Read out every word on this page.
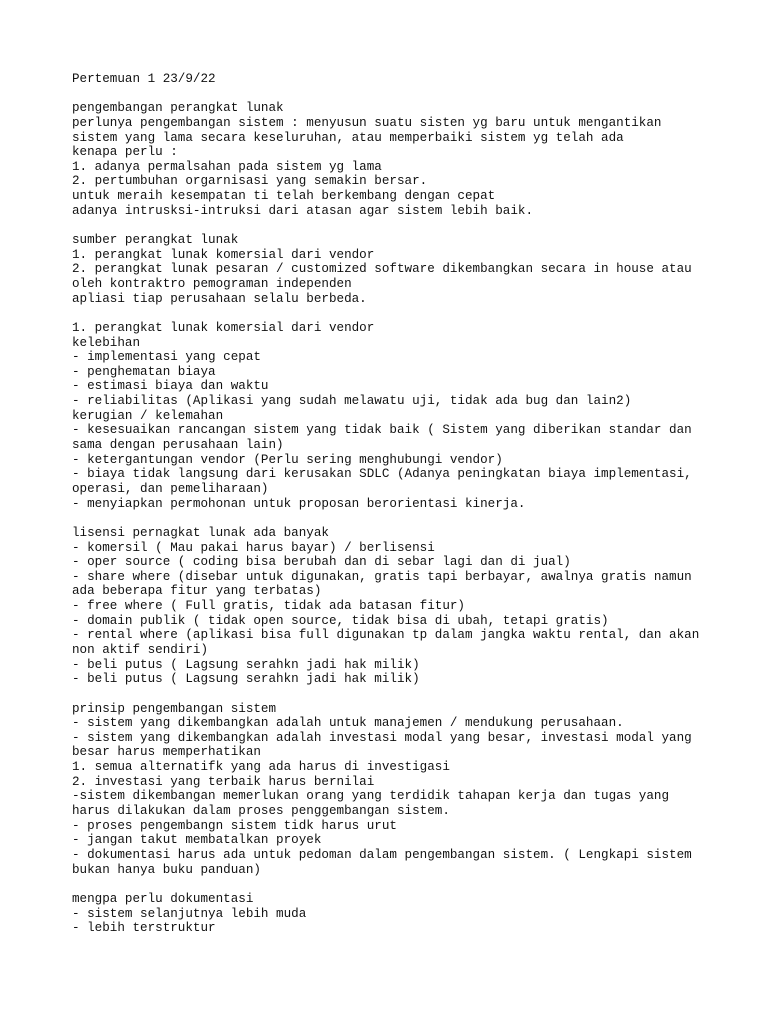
Pertemuan 1 23/9/22
pengembangan perangkat lunak
perlunya pengembangan sistem : menyusun suatu sisten yg baru untuk mengantikan
sistem yang lama secara keseluruhan, atau memperbaiki sistem yg telah ada
kenapa perlu :
1. adanya permalsahan pada sistem yg lama
2. pertumbuhan orgarnisasi yang semakin bersar.
untuk meraih kesempatan ti telah berkembang dengan cepat
adanya intrusksi-intruksi dari atasan agar sistem lebih baik.
sumber perangkat lunak
1. perangkat lunak komersial dari vendor
2. perangkat lunak pesaran / customized software dikembangkan secara in house atau
oleh kontraktro pemograman independen
apliasi tiap perusahaan selalu berbeda.
1. perangkat lunak komersial dari vendor
kelebihan
- implementasi yang cepat
- penghematan biaya
- estimasi biaya dan waktu
- reliabilitas (Aplikasi yang sudah melawatu uji, tidak ada bug dan lain2)
kerugian / kelemahan
- kesesuaikan rancangan sistem yang tidak baik ( Sistem yang diberikan standar dan
sama dengan perusahaan lain)
- ketergantungan vendor (Perlu sering menghubungi vendor)
- biaya tidak langsung dari kerusakan SDLC (Adanya peningkatan biaya implementasi,
operasi, dan pemeliharaan)
- menyiapkan permohonan untuk proposan berorientasi kinerja.
lisensi pernagkat lunak ada banyak
- komersil ( Mau pakai harus bayar) / berlisensi
- oper source ( coding bisa berubah dan di sebar lagi dan di jual)
- share where (disebar untuk digunakan, gratis tapi berbayar, awalnya gratis namun
ada beberapa fitur yang terbatas)
- free where ( Full gratis, tidak ada batasan fitur)
- domain publik ( tidak open source, tidak bisa di ubah, tetapi gratis)
- rental where (aplikasi bisa full digunakan tp dalam jangka waktu rental, dan akan
non aktif sendiri)
- beli putus ( Lagsung serahkn jadi hak milik)
- beli putus ( Lagsung serahkn jadi hak milik)
prinsip pengembangan sistem
- sistem yang dikembangkan adalah untuk manajemen / mendukung perusahaan.
- sistem yang dikembangkan adalah investasi modal yang besar, investasi modal yang
besar harus memperhatikan
1. semua alternatifk yang ada harus di investigasi
2. investasi yang terbaik harus bernilai
-sistem dikembangan memerlukan orang yang terdidik tahapan kerja dan tugas yang
harus dilakukan dalam proses penggembangan sistem.
- proses pengembangn sistem tidk harus urut
- jangan takut membatalkan proyek
- dokumentasi harus ada untuk pedoman dalam pengembangan sistem. ( Lengkapi sistem
bukan hanya buku panduan)
mengpa perlu dokumentasi
- sistem selanjutnya lebih muda
- lebih terstruktur
